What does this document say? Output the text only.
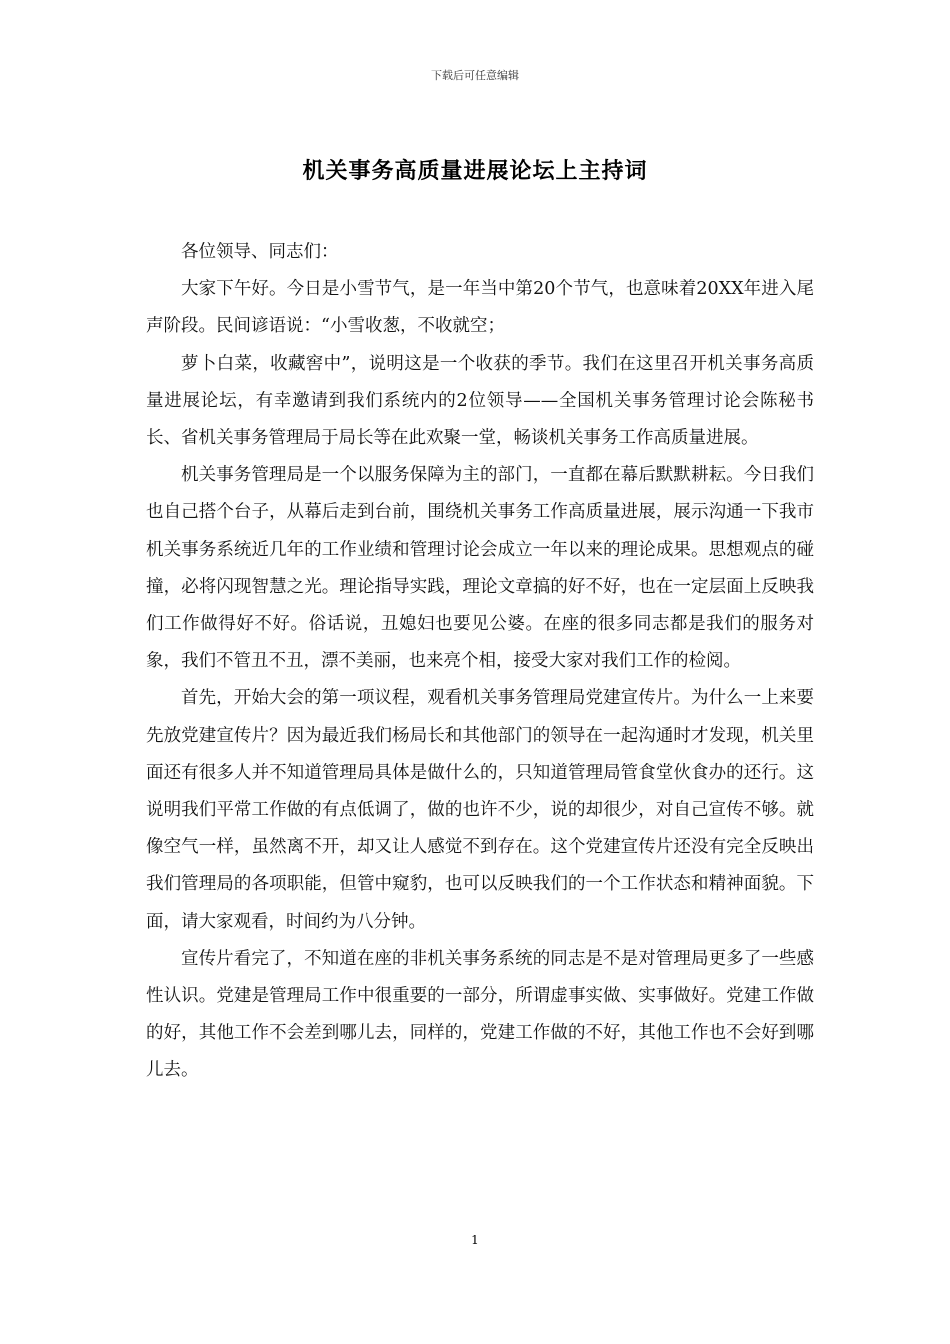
下载后可任意编辑
机关事务高质量进展论坛上主持词

各位领导、同志们：

大家下午好。今日是小雪节气，是一年当中第20个节气，也意味着20XX年进入尾声阶段。民间谚语说：“小雪收葱，不收就空；

萝卜白菜，收藏窖中”，说明这是一个收获的季节。我们在这里召开机关事务高质量进展论坛，有幸邀请到我们系统内的2位领导——全国机关事务管理讨论会陈秘书长、省机关事务管理局于局长等在此欢聚一堂，畅谈机关事务工作高质量进展。

机关事务管理局是一个以服务保障为主的部门，一直都在幕后默默耕耘。今日我们也自己搭个台子，从幕后走到台前，围绕机关事务工作高质量进展，展示沟通一下我市机关事务系统近几年的工作业绩和管理讨论会成立一年以来的理论成果。思想观点的碰撞，必将闪现智慧之光。理论指导实践，理论文章搞的好不好，也在一定层面上反映我们工作做得好不好。俗话说，丑媳妇也要见公婆。在座的很多同志都是我们的服务对象，我们不管丑不丑，漂不美丽，也来亮个相，接受大家对我们工作的检阅。

首先，开始大会的第一项议程，观看机关事务管理局党建宣传片。为什么一上来要先放党建宣传片？因为最近我们杨局长和其他部门的领导在一起沟通时才发现，机关里面还有很多人并不知道管理局具体是做什么的，只知道管理局管食堂伙食办的还行。这说明我们平常工作做的有点低调了，做的也许不少，说的却很少，对自己宣传不够。就像空气一样，虽然离不开，却又让人感觉不到存在。这个党建宣传片还没有完全反映出我们管理局的各项职能，但管中窥豹，也可以反映我们的一个工作状态和精神面貌。下面，请大家观看，时间约为八分钟。

宣传片看完了，不知道在座的非机关事务系统的同志是不是对管理局更多了一些感性认识。党建是管理局工作中很重要的一部分，所谓虚事实做、实事做好。党建工作做的好，其他工作不会差到哪儿去，同样的，党建工作做的不好，其他工作也不会好到哪儿去。

1
